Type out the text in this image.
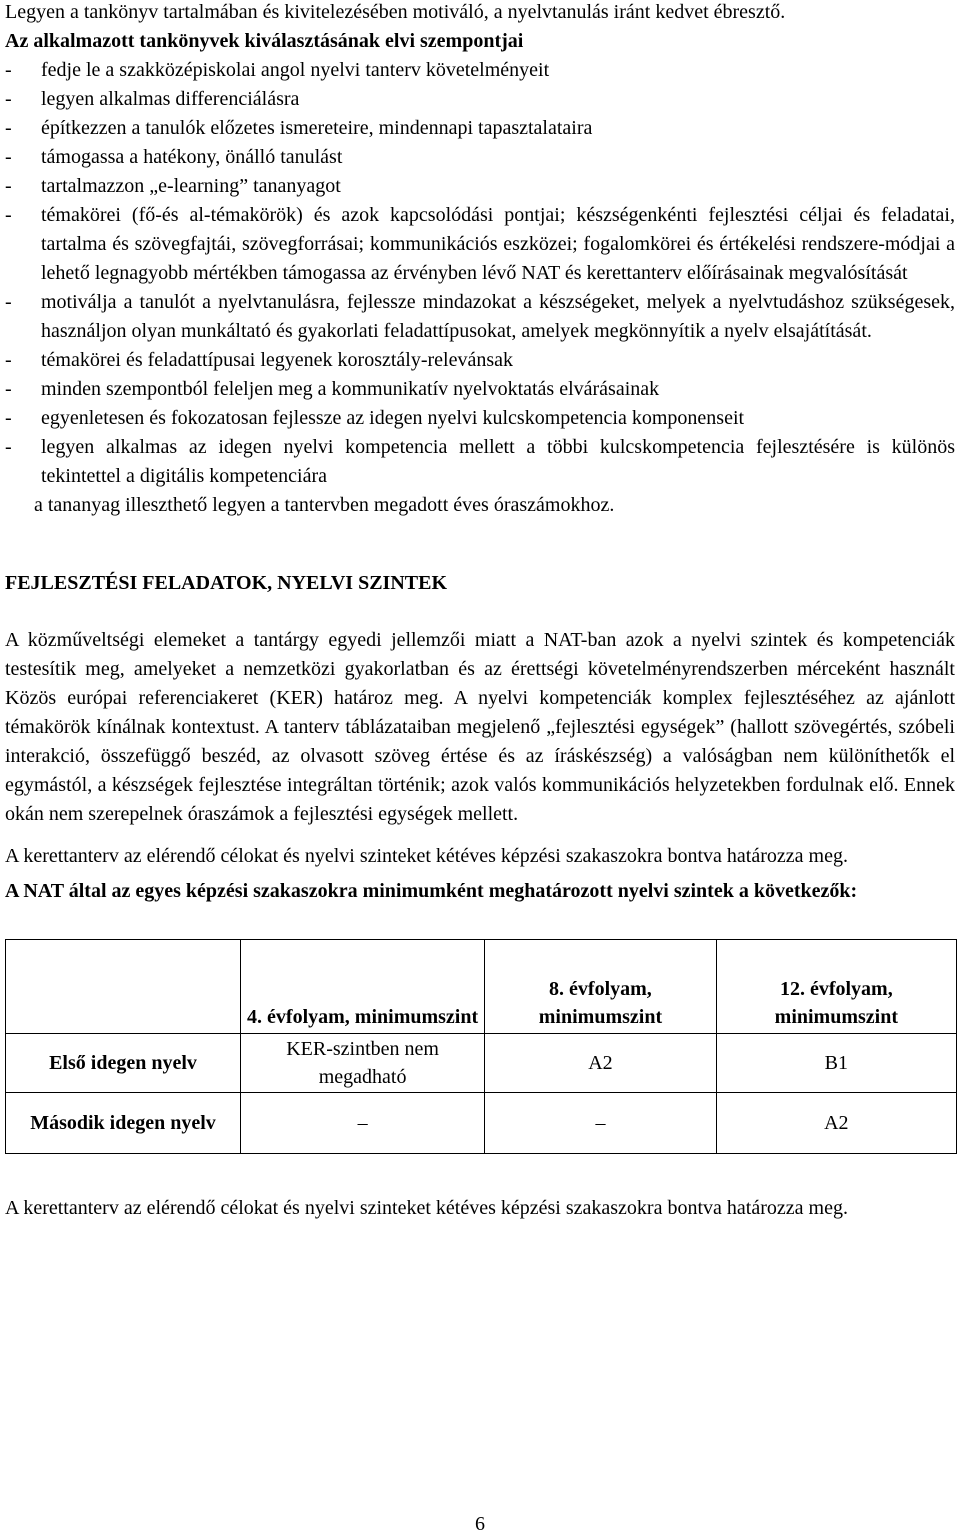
Legyen a tankönyv tartalmában és kivitelezésében motiváló, a nyelvtanulás iránt kedvet ébresztő.

Az alkalmazott tankönyvek kiválasztásának elvi szempontjai

- fedje le a szakközépiskolai angol nyelvi tanterv követelményeit
- legyen alkalmas differenciálásra
- építkezzen a tanulók előzetes ismereteire, mindennapi tapasztalataira
- támogassa a hatékony, önálló tanulást
- tartalmazzon „e-learning” tananyagot
- témakörei (fő-és al-témakörök) és azok kapcsolódási pontjai; készségenkénti fejlesztési céljai és feladatai, tartalma és szövegfajtái, szövegforrásai; kommunikációs eszközei; fogalomkörei és értékelési rendszere-módjai a lehető legnagyobb mértékben támogassa az érvényben lévő NAT és kerettanterv előírásainak megvalósítását
- motiválja a tanulót a nyelvtanulásra, fejlessze mindazokat a készségeket, melyek a nyelvtudáshoz szükségesek, használjon olyan munkáltató és gyakorlati feladattípusokat, amelyek megkönnyítik a nyelv elsajátítását.
- témakörei és feladattípusai legyenek korosztály-relevánsak
- minden szempontból feleljen meg a kommunikatív nyelvoktatás elvárásainak
- egyenletesen és fokozatosan fejlessze az idegen nyelvi kulcskompetencia komponenseit
- legyen alkalmas az idegen nyelvi kompetencia mellett a többi kulcskompetencia fejlesztésére is különös tekintettel a digitális kompetenciára

a tananyag illeszthető legyen a tantervben megadott éves óraszámokhoz.

FEJLESZTÉSI FELADATOK, NYELVI SZINTEK

A közműveltségi elemeket a tantárgy egyedi jellemzői miatt a NAT-ban azok a nyelvi szintek és kompetenciák testesítik meg, amelyeket a nemzetközi gyakorlatban és az érettségi követelményrendszerben mérceként használt Közös európai referenciakeret (KER) határoz meg. A nyelvi kompetenciák komplex fejlesztéséhez az ajánlott témakörök kínálnak kontextust. A tanterv táblázataiban megjelenő „fejlesztési egységek” (hallott szövegértés, szóbeli interakció, összefüggő beszéd, az olvasott szöveg értése és az íráskészség) a valóságban nem különíthetők el egymástól, a készségek fejlesztése integráltan történik; azok valós kommunikációs helyzetekben fordulnak elő. Ennek okán nem szerepelnek óraszámok a fejlesztési egységek mellett.

A kerettanterv az elérendő célokat és nyelvi szinteket kétéves képzési szakaszokra bontva határozza meg.

A NAT által az egyes képzési szakaszokra minimumként meghatározott nyelvi szintek a következők:

	4. évfolyam, minimumszint	8. évfolyam, minimumszint	12. évfolyam, minimumszint
Első idegen nyelv	KER-szintben nem megadható	A2	B1
Második idegen nyelv	–	–	A2

A kerettanterv az elérendő célokat és nyelvi szinteket kétéves képzési szakaszokra bontva határozza meg.

6
